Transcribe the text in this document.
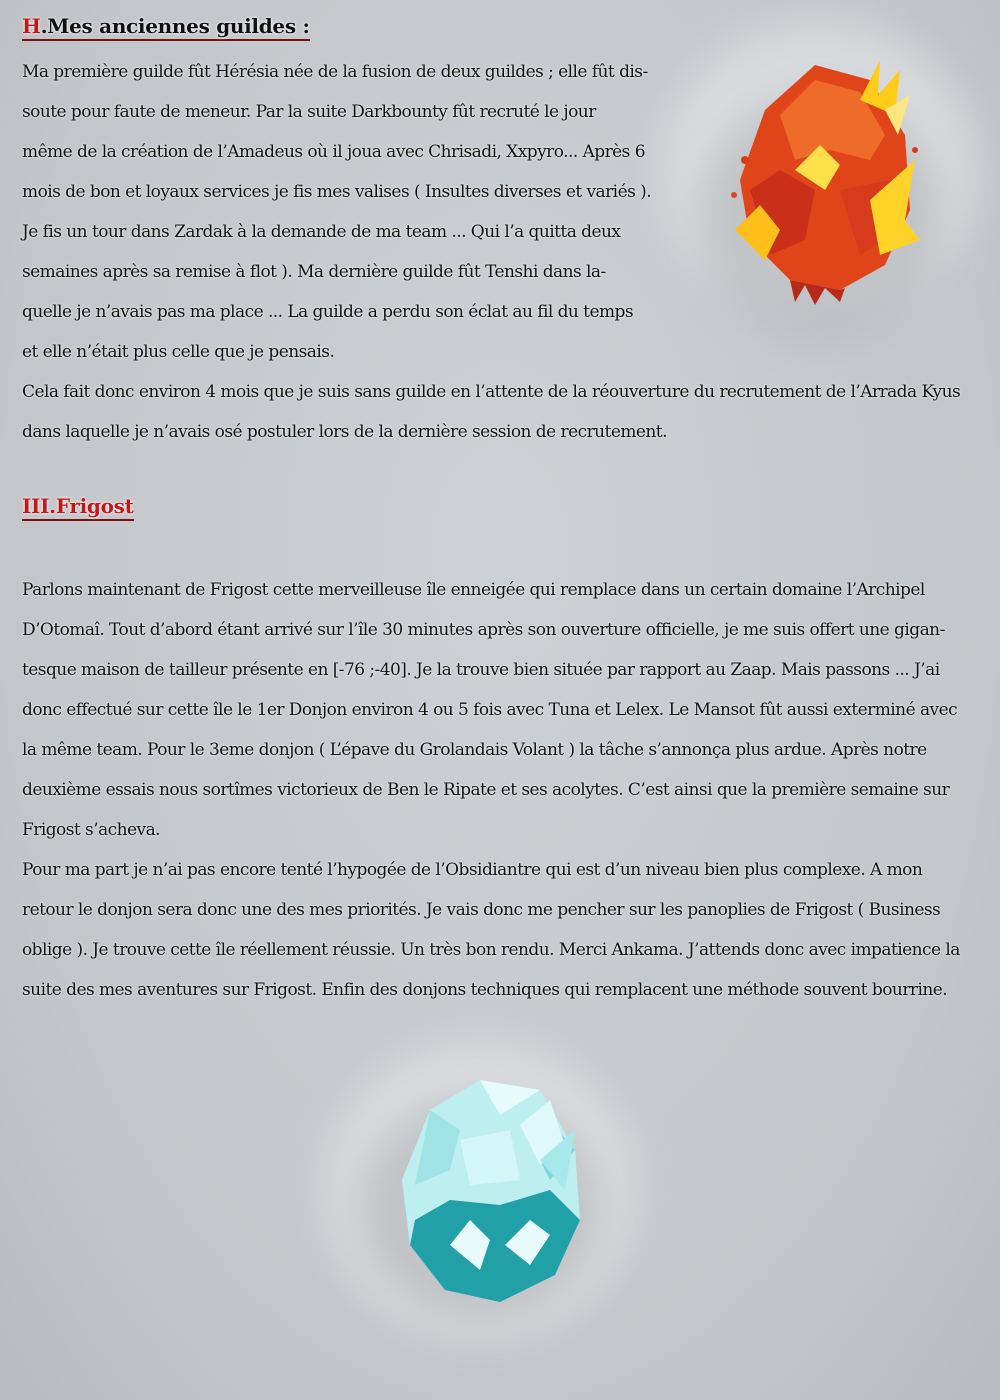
H.Mes anciennes guildes :
Ma première guilde fût Hérésia née de la fusion de deux guildes ; elle fût dis-
soute pour faute de meneur. Par la suite Darkbounty fût recruté le jour
même de la création de l’Amadeus où il joua avec Chrisadi, Xxpyro... Après 6
mois de bon et loyaux services je fis mes valises ( Insultes diverses et variés ).
Je fis un tour dans Zardak à la demande de ma team ... Qui l’a quitta deux
semaines après sa remise à flot ). Ma dernière guilde fût Tenshi dans la-
quelle je n’avais pas ma place ... La guilde a perdu son éclat au fil du temps
et elle n’était plus celle que je pensais.
Cela fait donc environ 4 mois que je suis sans guilde en l’attente de la réouverture du recrutement de l’Arrada Kyus
dans laquelle je n’avais osé postuler lors de la dernière session de recrutement.
III.Frigost
Parlons maintenant de Frigost cette merveilleuse île enneigée qui remplace dans un certain domaine l’Archipel
D’Otomaî. Tout d’abord étant arrivé sur l’île 30 minutes après son ouverture officielle, je me suis offert une gigan-
tesque maison de tailleur présente en [-76 ;-40]. Je la trouve bien située par rapport au Zaap. Mais passons ... J’ai
donc effectué sur cette île le 1er Donjon environ 4 ou 5 fois avec Tuna et Lelex. Le Mansot fût aussi exterminé avec
la même team. Pour le 3eme donjon ( L’épave du Grolandais Volant ) la tâche s’annonça plus ardue. Après notre
deuxième essais nous sortîmes victorieux de Ben le Ripate et ses acolytes. C’est ainsi que la première semaine sur
Frigost s’acheva.
Pour ma part je n’ai pas encore tenté l’hypogée de l’Obsidiantre qui est d’un niveau bien plus complexe. A mon
retour le donjon sera donc une des mes priorités. Je vais donc me pencher sur les panoplies de Frigost ( Business
oblige ). Je trouve cette île réellement réussie. Un très bon rendu. Merci Ankama. J’attends donc avec impatience la
suite des mes aventures sur Frigost. Enfin des donjons techniques qui remplacent une méthode souvent bourrine.
